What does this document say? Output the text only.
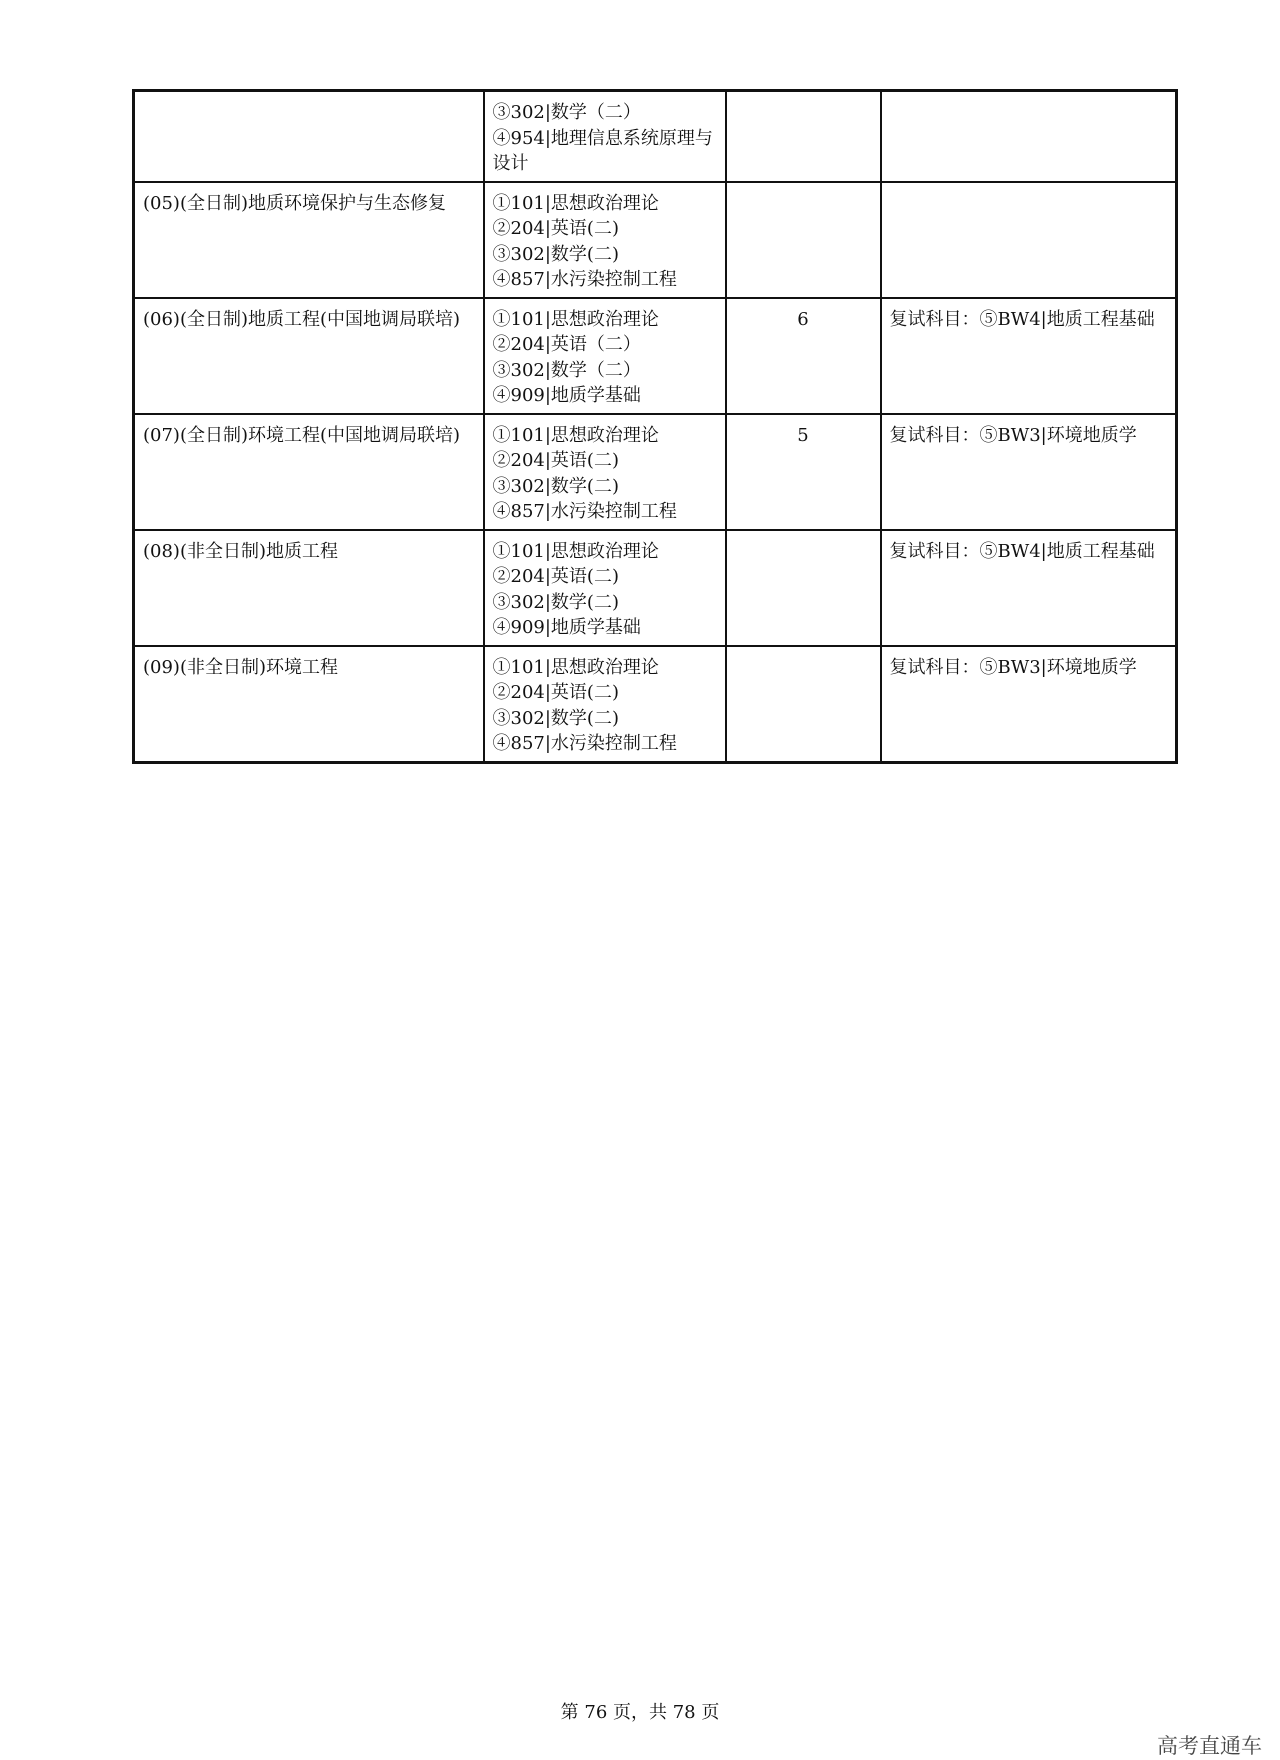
	③302|数学（二）
④954|地理信息系统原理与设计		

(05)(全日制)地质环境保护与生态修复	①101|思想政治理论
②204|英语(二)
③302|数学(二)
④857|水污染控制工程		

(06)(全日制)地质工程(中国地调局联培)	①101|思想政治理论
②204|英语（二）
③302|数学（二）
④909|地质学基础	6	复试科目：⑤BW4|地质工程基础
(07)(全日制)环境工程(中国地调局联培)	①101|思想政治理论
②204|英语(二)
③302|数学(二)
④857|水污染控制工程	5	复试科目：⑤BW3|环境地质学
(08)(非全日制)地质工程	①101|思想政治理论
②204|英语(二)
③302|数学(二)
④909|地质学基础		复试科目：⑤BW4|地质工程基础
(09)(非全日制)环境工程	①101|思想政治理论
②204|英语(二)
③302|数学(二)
④857|水污染控制工程		复试科目：⑤BW3|环境地质学
第 76 页，共 78 页
高考直通车
